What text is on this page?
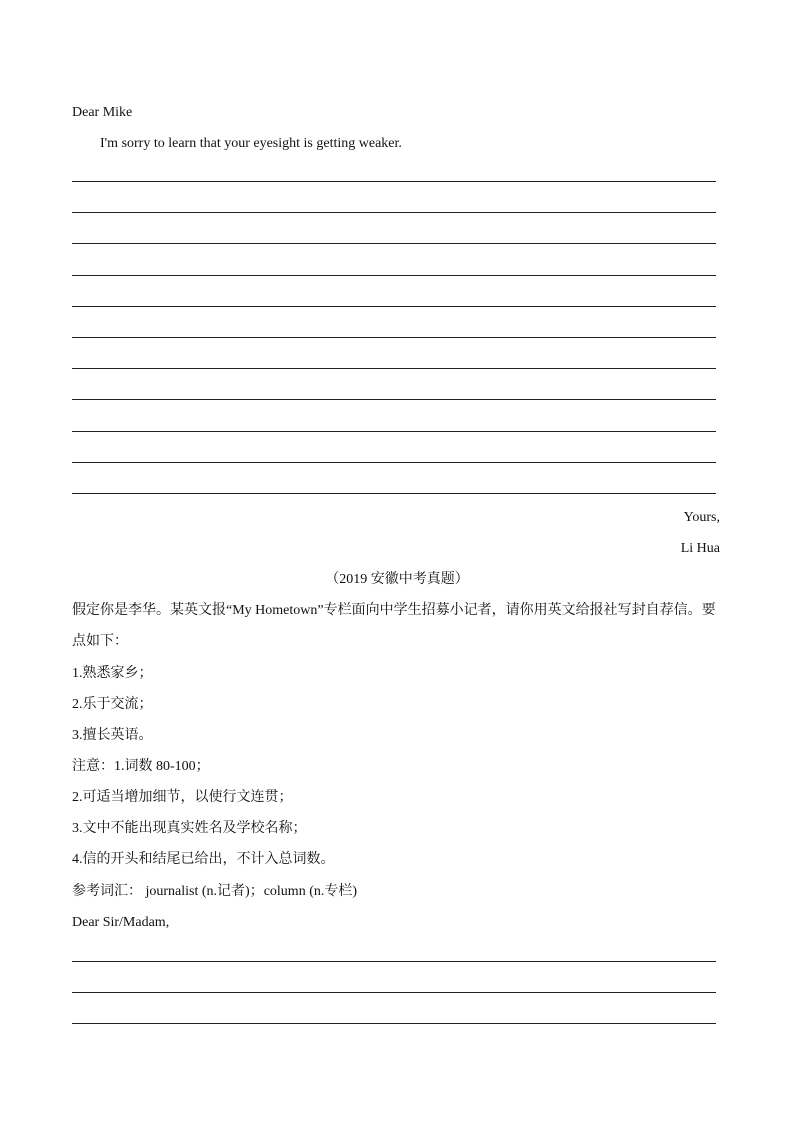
Dear Mike
I'm sorry to learn that your eyesight is getting weaker.
Yours,
Li Hua
（2019 安徽中考真题）
假定你是李华。某英文报“My Hometown”专栏面向中学生招募小记者，请你用英文给报社写封自荐信。要点如下：
1.熟悉家乡；
2.乐于交流；
3.擅长英语。
注意：1.词数 80-100；
2.可适当增加细节，以使行文连贯；
3.文中不能出现真实姓名及学校名称；
4.信的开头和结尾已给出，不计入总词数。
参考词汇： journalist (n.记者)；column (n.专栏)
Dear Sir/Madam,
